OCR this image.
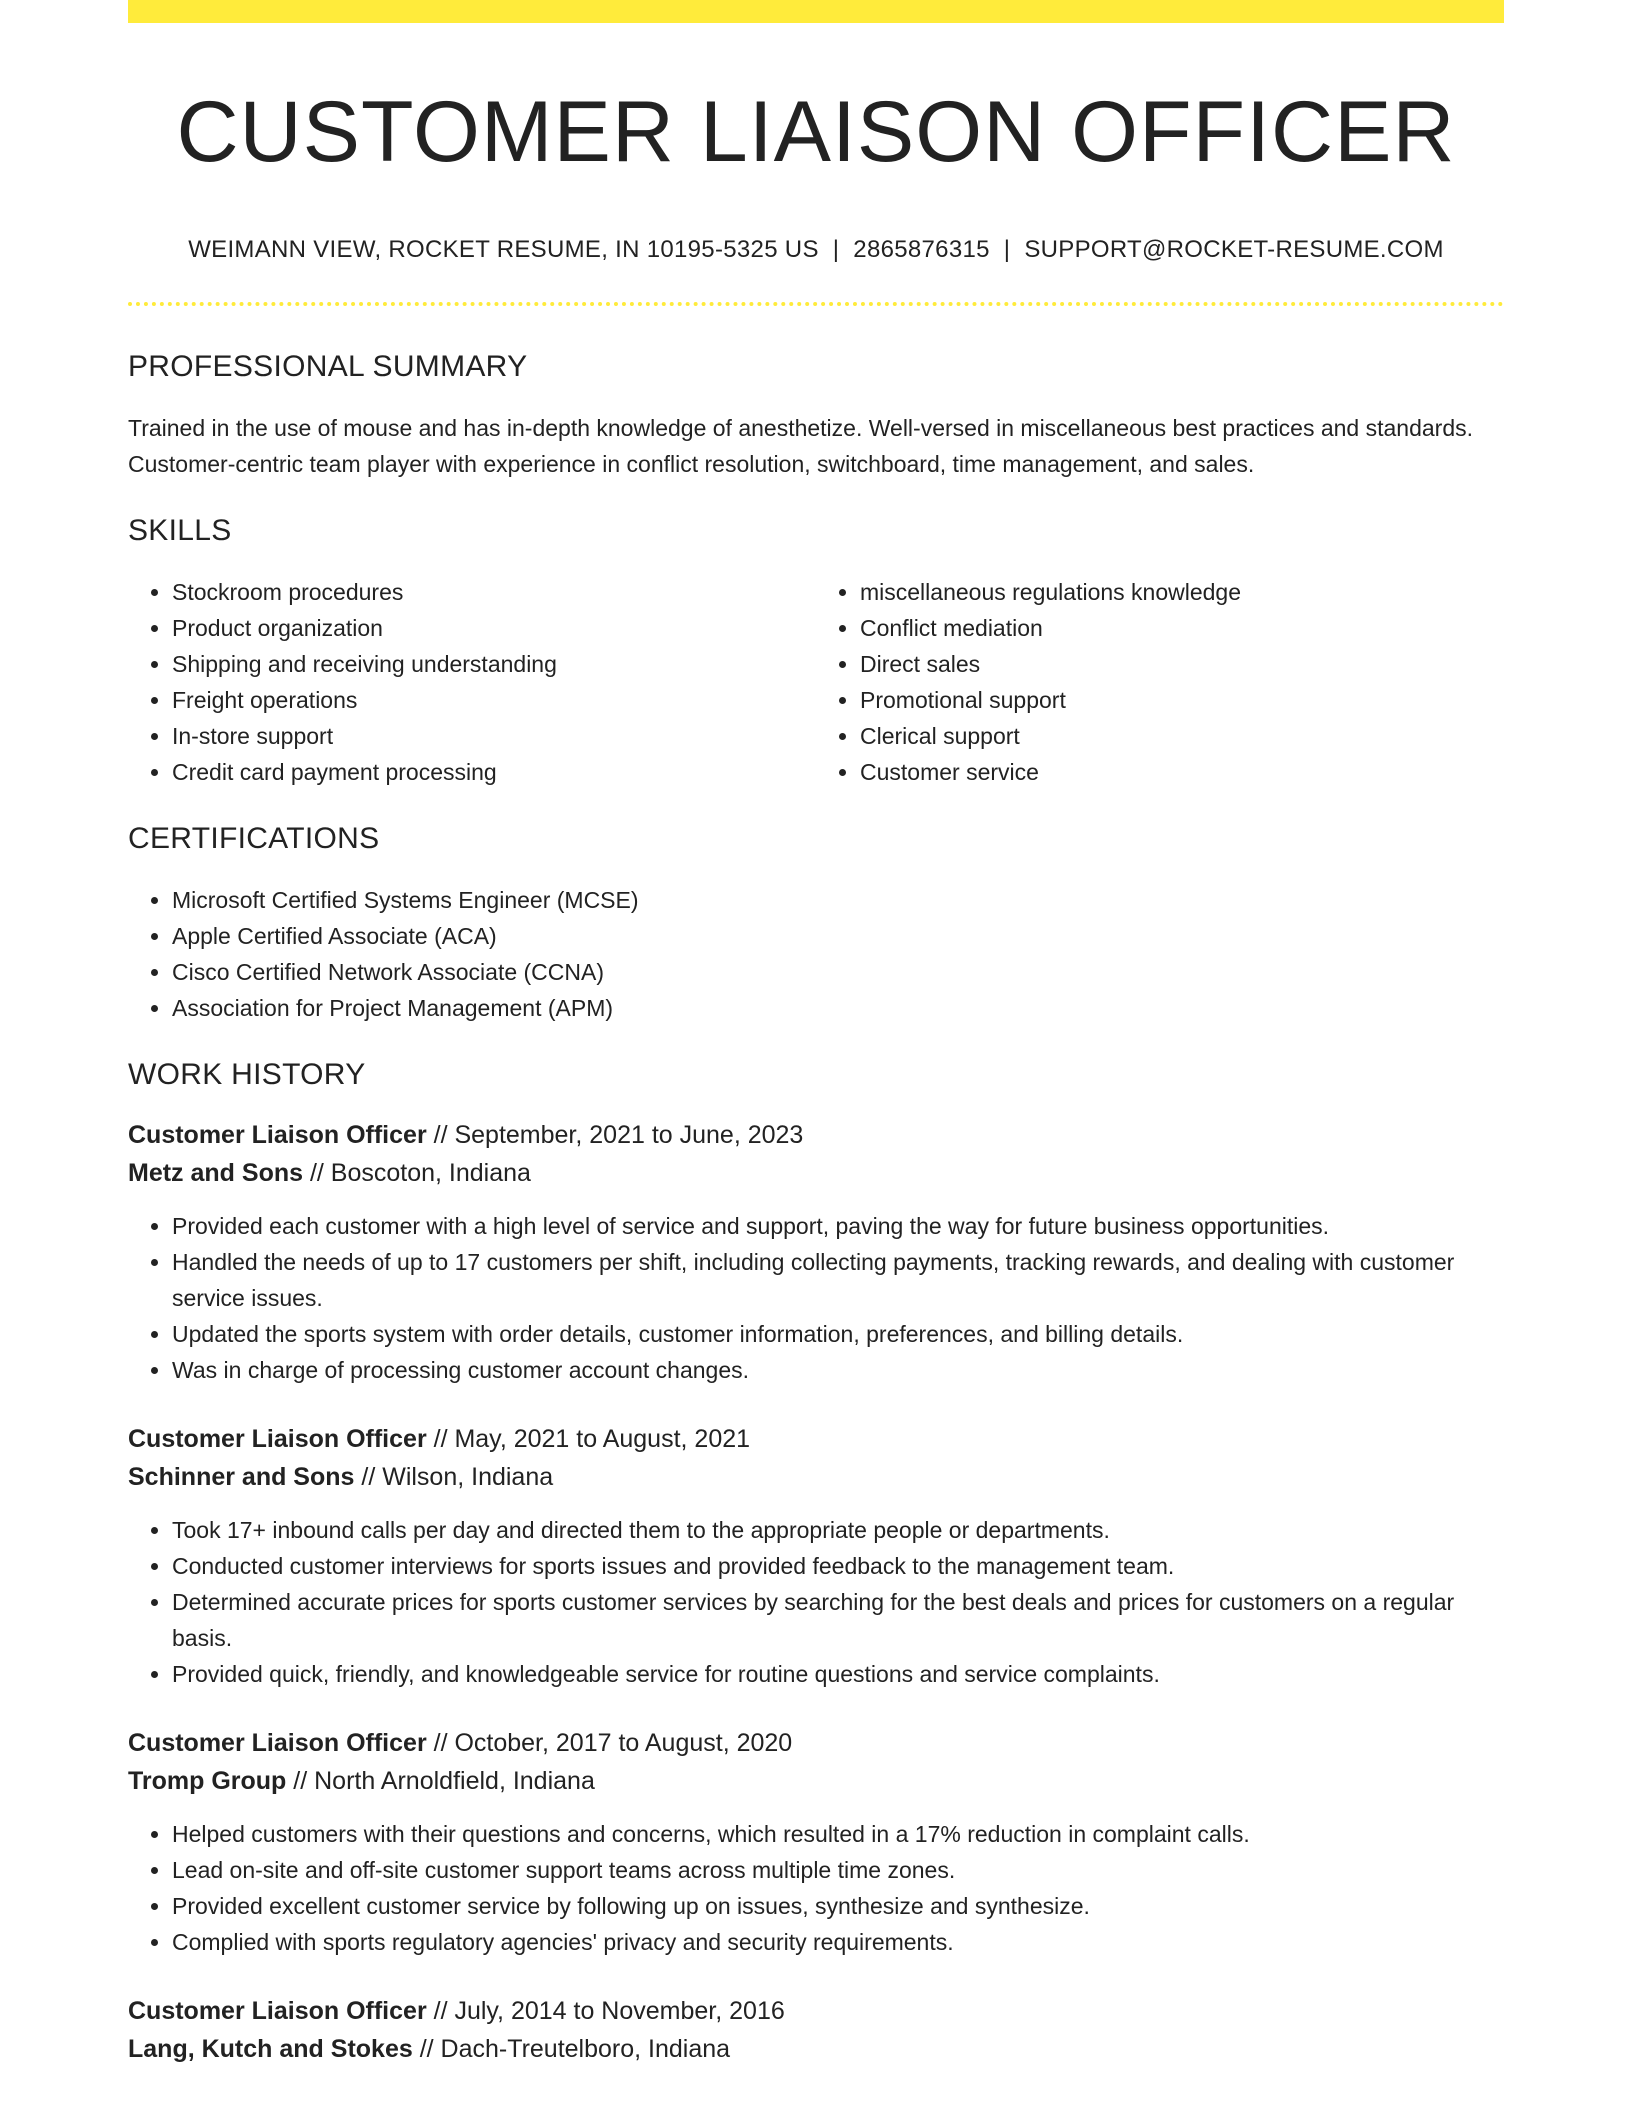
CUSTOMER LIAISON OFFICER
WEIMANN VIEW, ROCKET RESUME, IN 10195-5325 US | 2865876315 | SUPPORT@ROCKET-RESUME.COM
PROFESSIONAL SUMMARY
Trained in the use of mouse and has in-depth knowledge of anesthetize. Well-versed in miscellaneous best practices and standards. Customer-centric team player with experience in conflict resolution, switchboard, time management, and sales.
SKILLS
• Stockroom procedures
• Product organization
• Shipping and receiving understanding
• Freight operations
• In-store support
• Credit card payment processing
• miscellaneous regulations knowledge
• Conflict mediation
• Direct sales
• Promotional support
• Clerical support
• Customer service
CERTIFICATIONS
• Microsoft Certified Systems Engineer (MCSE)
• Apple Certified Associate (ACA)
• Cisco Certified Network Associate (CCNA)
• Association for Project Management (APM)
WORK HISTORY
Customer Liaison Officer // September, 2021 to June, 2023
Metz and Sons // Boscoton, Indiana
• Provided each customer with a high level of service and support, paving the way for future business opportunities.
• Handled the needs of up to 17 customers per shift, including collecting payments, tracking rewards, and dealing with customer service issues.
• Updated the sports system with order details, customer information, preferences, and billing details.
• Was in charge of processing customer account changes.
Customer Liaison Officer // May, 2021 to August, 2021
Schinner and Sons // Wilson, Indiana
• Took 17+ inbound calls per day and directed them to the appropriate people or departments.
• Conducted customer interviews for sports issues and provided feedback to the management team.
• Determined accurate prices for sports customer services by searching for the best deals and prices for customers on a regular basis.
• Provided quick, friendly, and knowledgeable service for routine questions and service complaints.
Customer Liaison Officer // October, 2017 to August, 2020
Tromp Group // North Arnoldfield, Indiana
• Helped customers with their questions and concerns, which resulted in a 17% reduction in complaint calls.
• Lead on-site and off-site customer support teams across multiple time zones.
• Provided excellent customer service by following up on issues, synthesize and synthesize.
• Complied with sports regulatory agencies' privacy and security requirements.
Customer Liaison Officer // July, 2014 to November, 2016
Lang, Kutch and Stokes // Dach-Treutelboro, Indiana
